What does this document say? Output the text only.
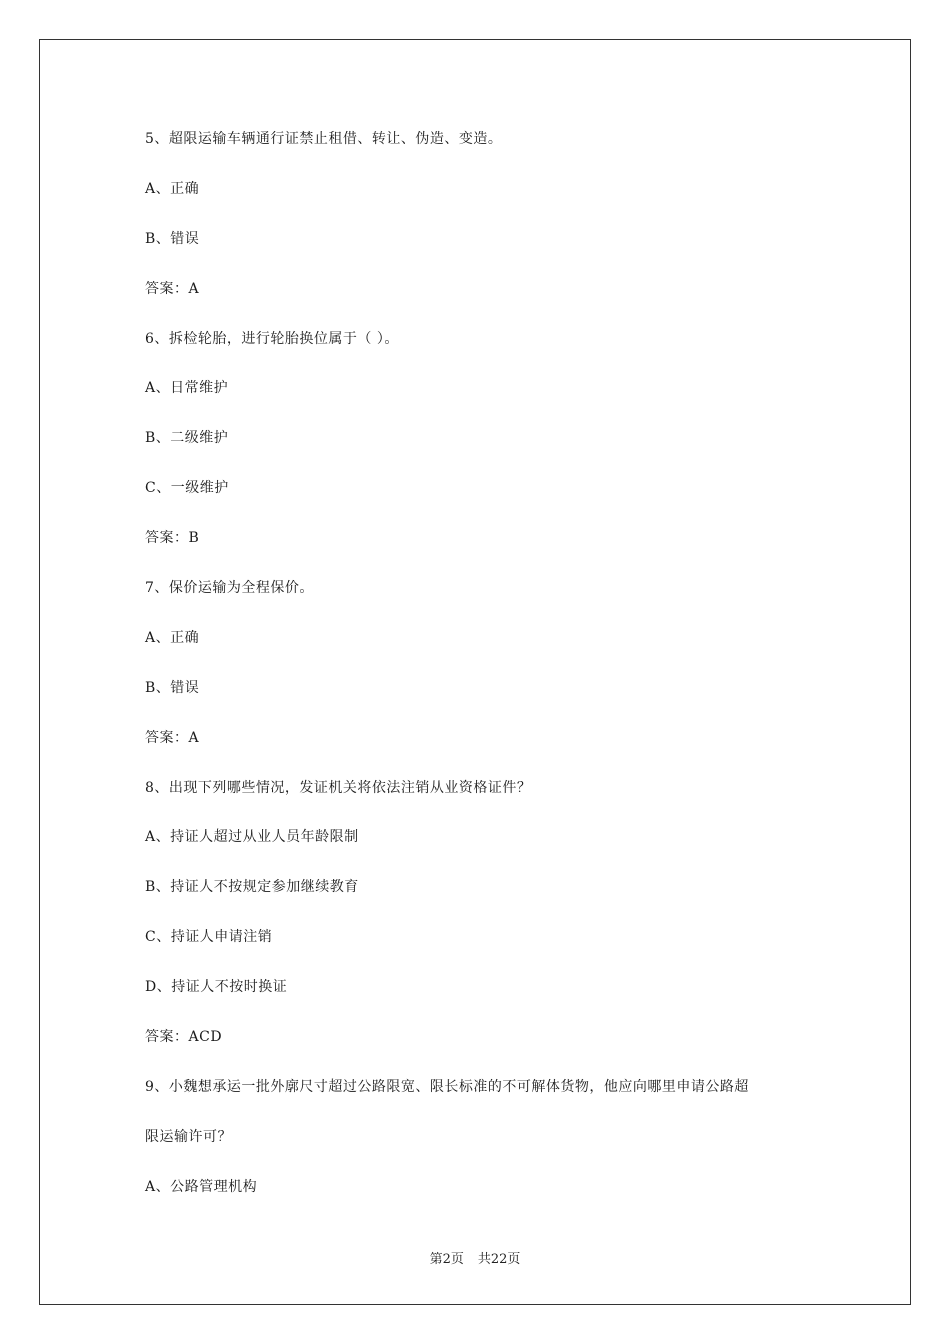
5、超限运输车辆通行证禁止租借、转让、伪造、变造。
A、正确
B、错误
答案：A
6、拆检轮胎，进行轮胎换位属于（ ）。
A、日常维护
B、二级维护
C、一级维护
答案：B
7、保价运输为全程保价。
A、正确
B、错误
答案：A
8、出现下列哪些情况，发证机关将依法注销从业资格证件？
A、持证人超过从业人员年龄限制
B、持证人不按规定参加继续教育
C、持证人申请注销
D、持证人不按时换证
答案：ACD
9、小魏想承运一批外廓尺寸超过公路限宽、限长标准的不可解体货物，他应向哪里申请公路超
限运输许可？
A、公路管理机构
第2页 共22页
